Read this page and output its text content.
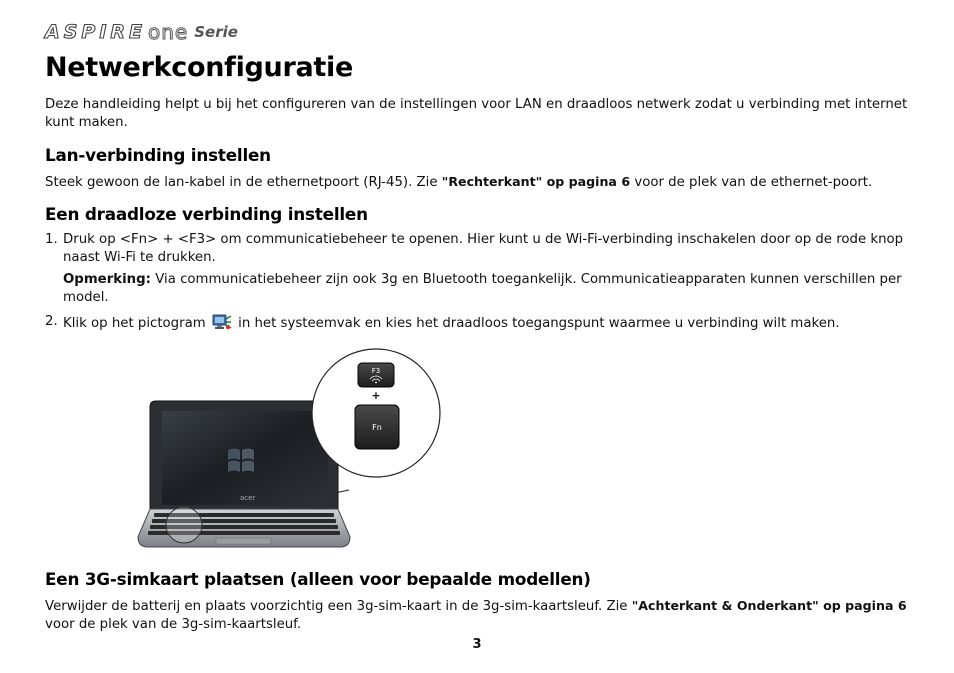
ASPIRE one Serie
Netwerkconfiguratie

Deze handleiding helpt u bij het configureren van de instellingen voor LAN en draadloos netwerk zodat u verbinding met internet kunt maken.

Lan-verbinding instellen

Steek gewoon de lan-kabel in de ethernetpoort (RJ-45). Zie "Rechterkant" op pagina 6 voor de plek van de ethernet-poort.

Een draadloze verbinding instellen
1. Druk op <Fn> + <F3> om communicatiebeheer te openen. Hier kunt u de Wi-Fi-verbinding inschakelen door op de rode knop naast Wi-Fi te drukken.

Opmerking: Via communicatiebeheer zijn ook 3g en Bluetooth toegankelijk. Communicatieapparaten kunnen verschillen per model.

2. Klik op het pictogram  in het systeemvak en kies het draadloos toegangspunt waarmee u verbinding wilt maken.

acer
F3
+
Fn
Een 3G-simkaart plaatsen (alleen voor bepaalde modellen)

Verwijder de batterij en plaats voorzichtig een 3g-sim-kaart in de 3g-sim-kaartsleuf. Zie "Achterkant & Onderkant" op pagina 6 voor de plek van de 3g-sim-kaartsleuf.

3
